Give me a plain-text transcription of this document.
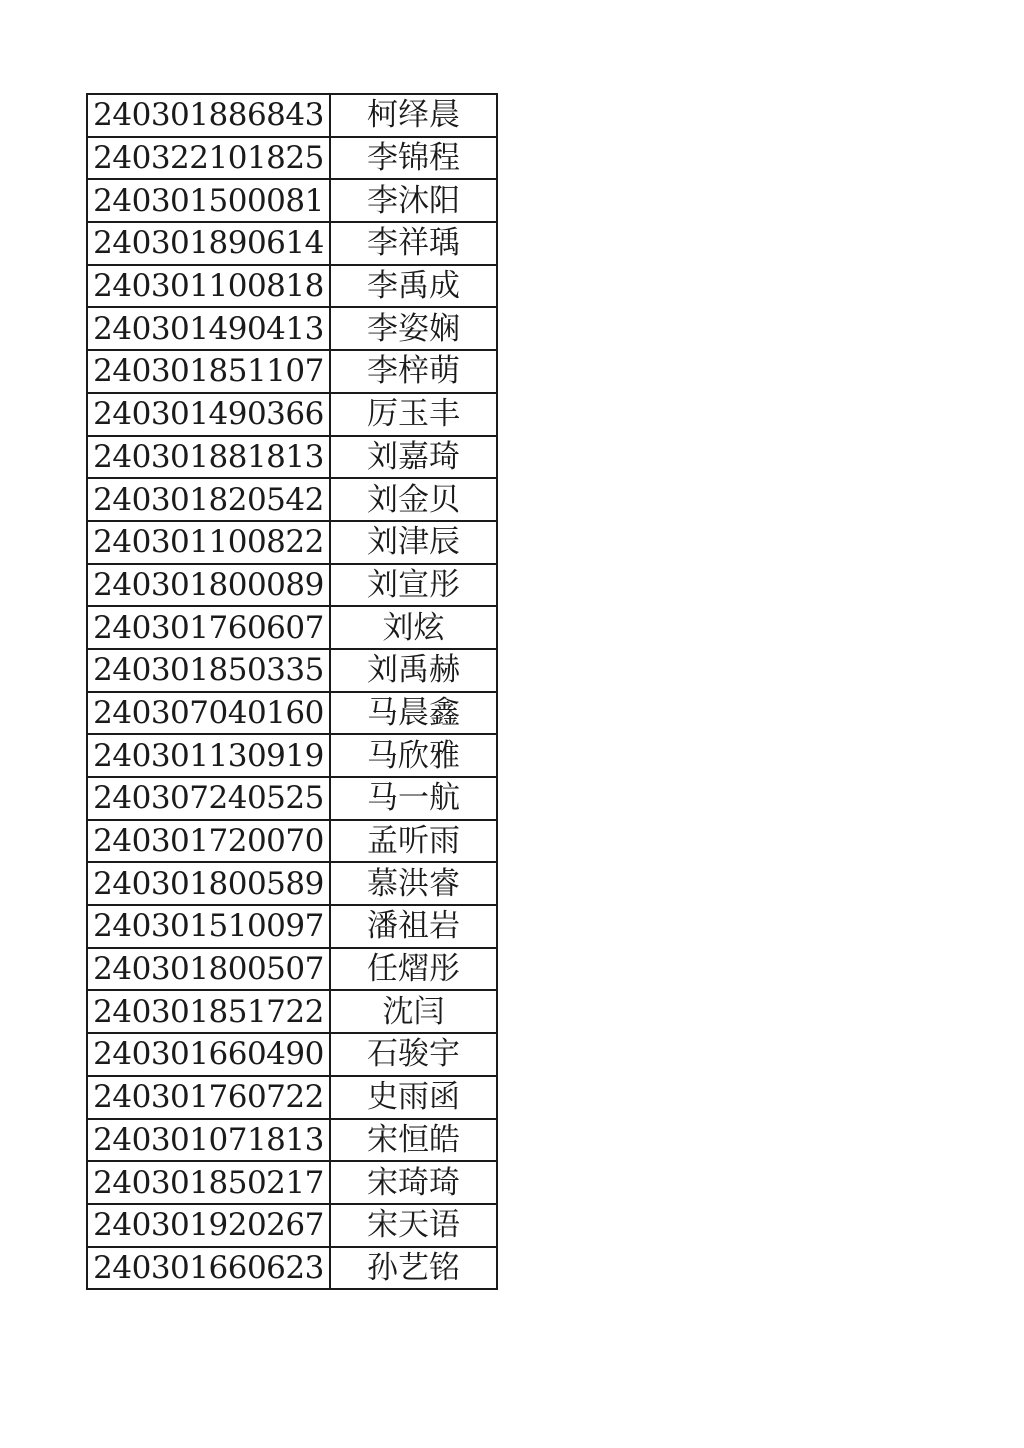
240301886843	柯绎晨
240322101825	李锦程
240301500081	李沐阳
240301890614	李祥瑀
240301100818	李禹成
240301490413	李姿娴
240301851107	李梓萌
240301490366	厉玉丰
240301881813	刘嘉琦
240301820542	刘金贝
240301100822	刘津辰
240301800089	刘宣彤
240301760607	刘炫
240301850335	刘禹赫
240307040160	马晨鑫
240301130919	马欣雅
240307240525	马一航
240301720070	孟听雨
240301800589	慕洪睿
240301510097	潘祖岩
240301800507	任熠彤
240301851722	沈闫
240301660490	石骏宇
240301760722	史雨函
240301071813	宋恒皓
240301850217	宋琦琦
240301920267	宋天语
240301660623	孙艺铭
